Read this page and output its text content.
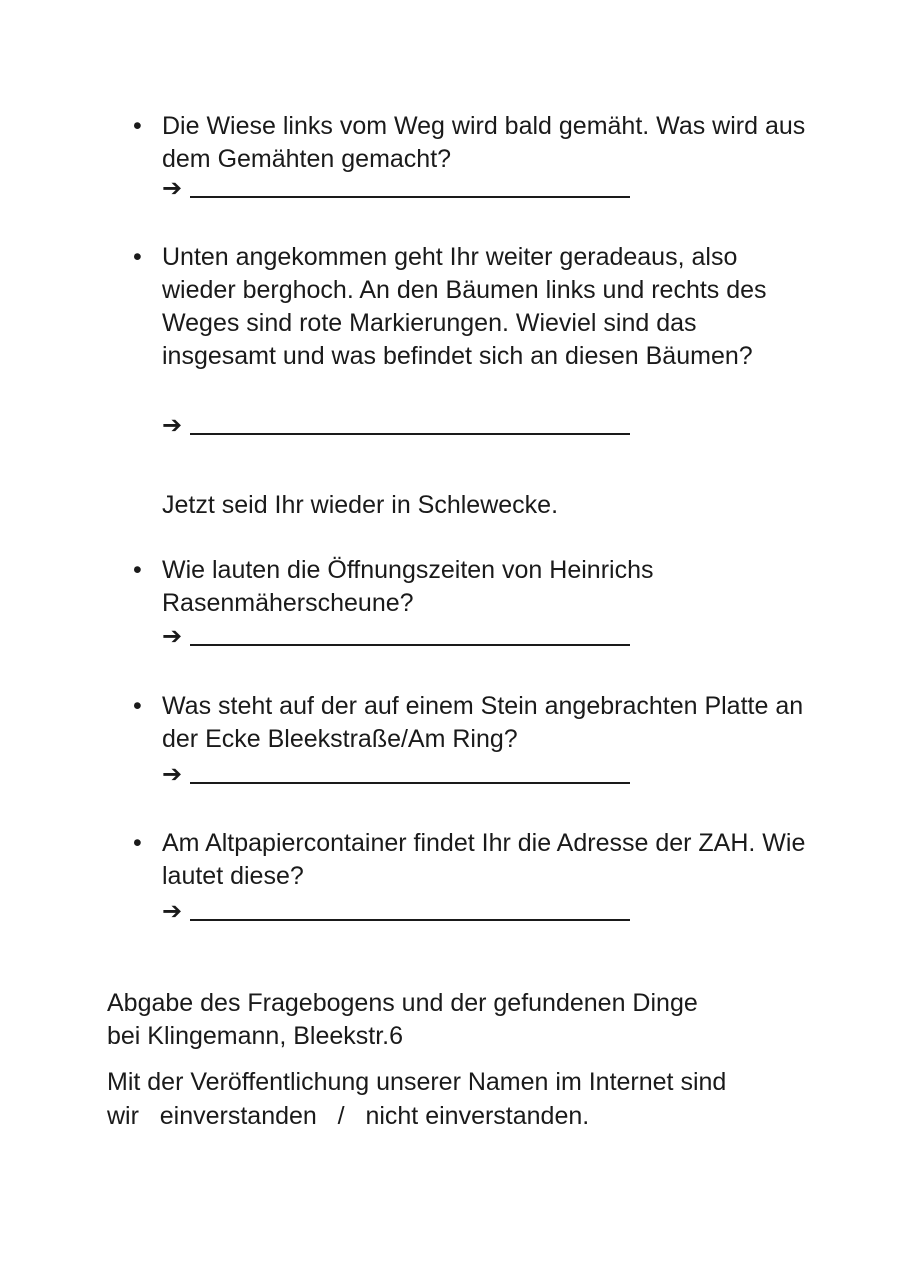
• Die Wiese links vom Weg wird bald gemäht. Was wird aus dem Gemähten gemacht?
➔
• Unten angekommen geht Ihr weiter geradeaus, also wieder berghoch. An den Bäumen links und rechts des Weges sind rote Markierungen. Wieviel sind das insgesamt und was befindet sich an diesen Bäumen?
➔
Jetzt seid Ihr wieder in Schlewecke.
• Wie lauten die Öffnungszeiten von Heinrichs Rasenmäherscheune?
➔
• Was steht auf der auf einem Stein angebrachten Platte an der Ecke Bleekstraße/Am Ring?
➔
• Am Altpapiercontainer findet Ihr die Adresse der ZAH. Wie lautet diese?
➔
Abgabe des Fragebogens und der gefundenen Dinge
bei Klingemann, Bleekstr.6
Mit der Veröffentlichung unserer Namen im Internet sind
wir   einverstanden   /   nicht einverstanden.
